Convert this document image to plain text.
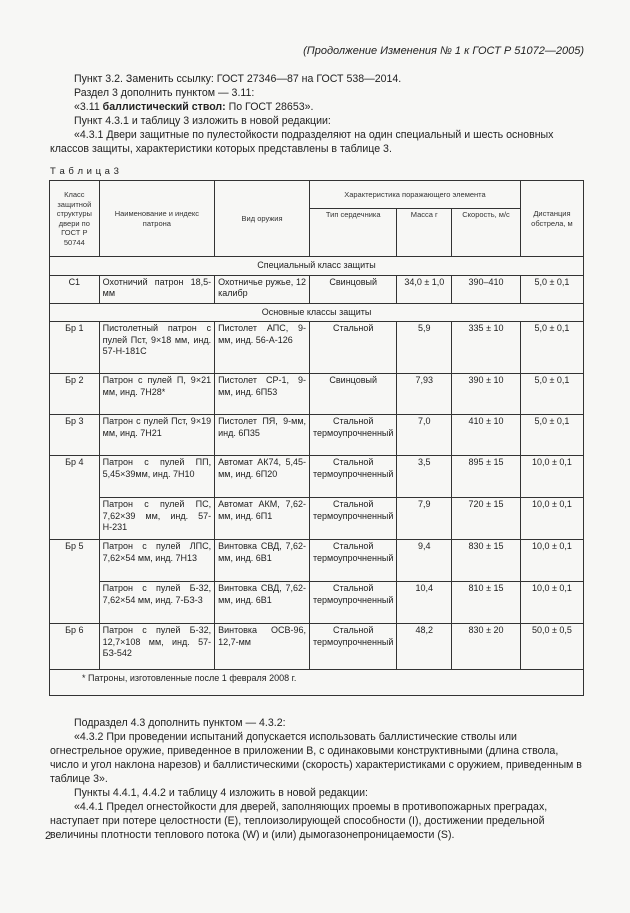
(Продолжение Изменения № 1 к ГОСТ Р 51072—2005)

Пункт 3.2. Заменить ссылку: ГОСТ 27346—87 на ГОСТ 538—2014.

Раздел 3 дополнить пунктом — 3.11:

«3.11 баллистический ствол: По ГОСТ 28653».

Пункт 4.3.1 и таблицу 3 изложить в новой редакции:

«4.3.1 Двери защитные по пулестойкости подразделяют на один специальный и шесть основных классов защиты, характеристики которых представлены в таблице 3.

Т а б л и ц а 3
Класс защитной структуры двери по ГОСТ Р 50744	Наименование и индекс патрона	Вид оружия	Характеристика поражающего элемента			Дистанция обстрела, м
			Тип сердечника	Масса г	Скорость, м/с	
Специальный класс защиты						
С1	Охотничий патрон 18,5-мм	Охотничье ружье, 12 калибр	Свинцовый	34,0 ± 1,0	390–410	5,0 ± 0,1
Основные классы защиты						
Бр 1	Пистолетный патрон с пулей Пст, 9×18 мм, инд. 57-Н-181С	Пистолет АПС, 9-мм, инд. 56-А-126	Стальной	5,9	335 ± 10	5,0 ± 0,1
Бр 2	Патрон с пулей П, 9×21 мм, инд. 7Н28*	Пистолет СР-1, 9-мм, инд. 6П53	Свинцовый	7,93	390 ± 10	5,0 ± 0,1
Бр 3	Патрон с пулей Пст, 9×19 мм, инд. 7Н21	Пистолет ПЯ, 9-мм, инд. 6П35	Стальной термоупрочненный	7,0	410 ± 10	5,0 ± 0,1
Бр 4	Патрон с пулей ПП, 5,45×39мм, инд. 7Н10	Автомат АК74, 5,45-мм, инд. 6П20	Стальной термоупрочненный	3,5	895 ± 15	10,0 ± 0,1
	Патрон с пулей ПС, 7,62×39 мм, инд. 57-Н-231	Автомат АКМ, 7,62-мм, инд. 6П1	Стальной термоупрочненный	7,9	720 ± 15	10,0 ± 0,1
Бр 5	Патрон с пулей ЛПС, 7,62×54 мм, инд. 7Н13	Винтовка СВД, 7,62-мм, инд. 6В1	Стальной термоупрочненный	9,4	830 ± 15	10,0 ± 0,1
	Патрон с пулей Б-32, 7,62×54 мм, инд. 7-БЗ-3	Винтовка СВД, 7,62-мм, инд. 6В1	Стальной термоупрочненный	10,4	810 ± 15	10,0 ± 0,1
Бр 6	Патрон с пулей Б-32, 12,7×108 мм, инд. 57-БЗ-542	Винтовка ОСВ-96, 12,7-мм	Стальной термоупрочненный	48,2	830 ± 20	50,0 ± 0,5
* Патроны, изготовленные после 1 февраля 2008 г.						

Подраздел 4.3 дополнить пунктом — 4.3.2:

«4.3.2 При проведении испытаний допускается использовать баллистические стволы или огнестрельное оружие, приведенное в приложении В, с одинаковыми конструктивными (длина ствола, число и угол наклона нарезов) и баллистическими (скорость) характеристиками с оружием, приведенным в таблице 3».

Пункты 4.4.1, 4.4.2 и таблицу 4 изложить в новой редакции:

«4.4.1 Предел огнестойкости для дверей, заполняющих проемы в противопожарных преградах, наступает при потере целостности (Е), теплоизолирующей способности (I), достижении предельной величины плотности теплового потока (W) и (или) дымогазонепроницаемости (S).

2
